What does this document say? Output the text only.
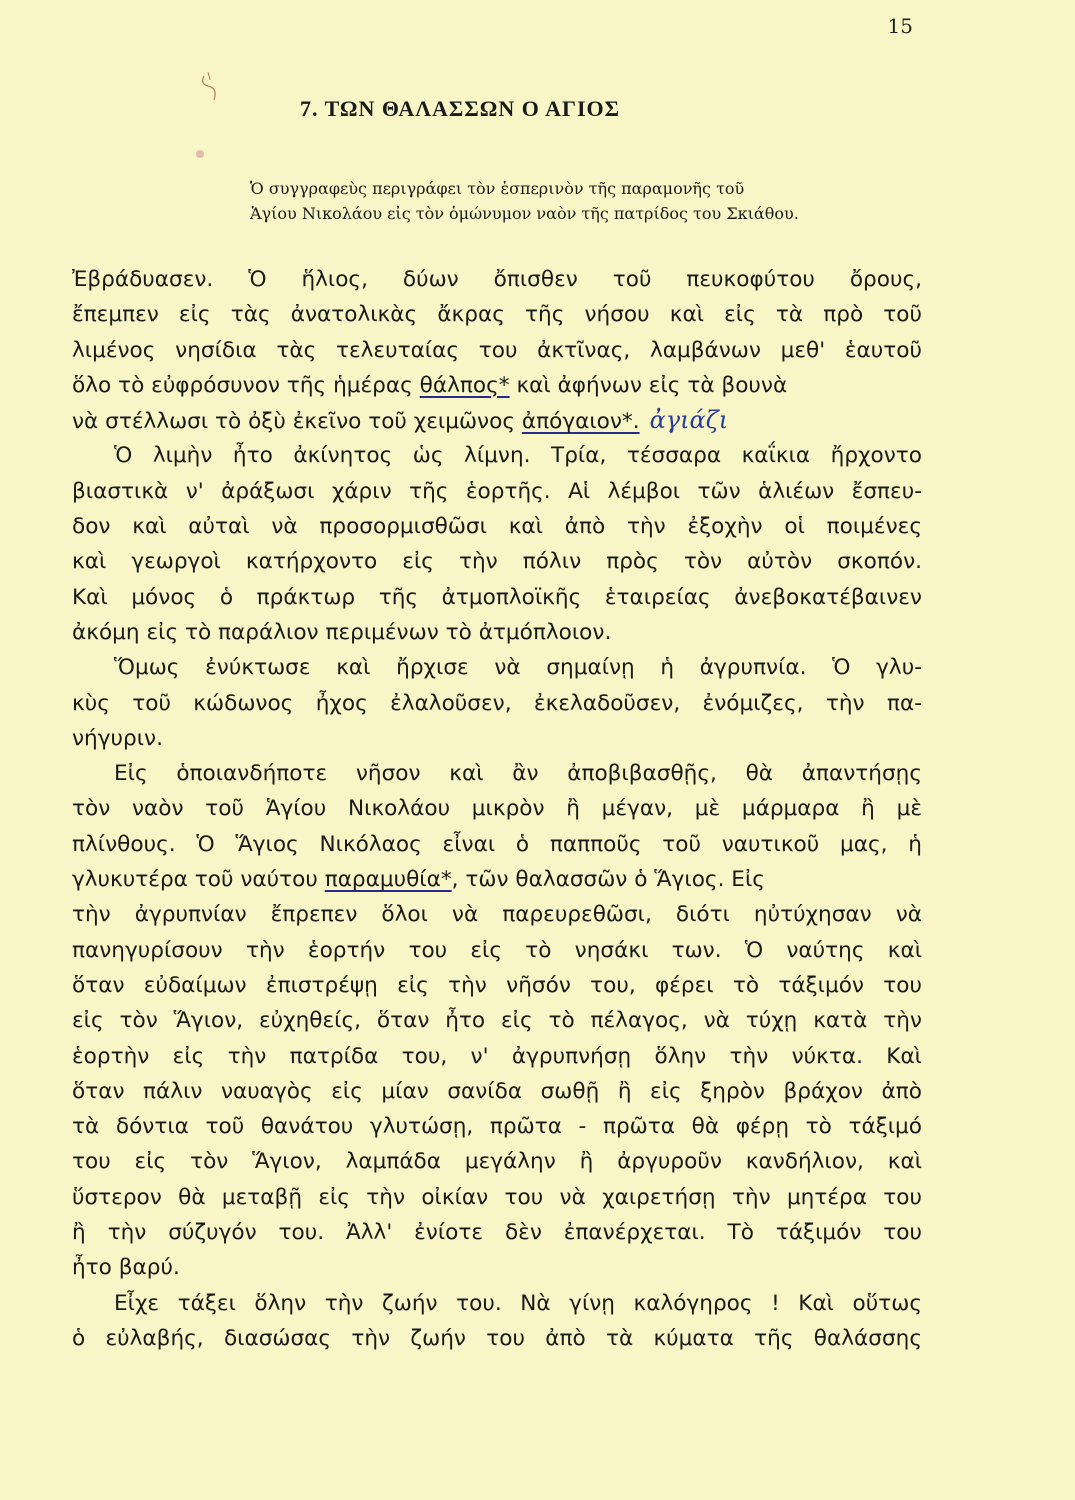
15
7. ΤΩΝ ΘΑΛΑΣΣΩΝ Ο ΑΓΙΟΣ
Ὁ συγγραφεὺς περιγράφει τὸν ἑσπερινὸν τῆς παραμονῆς τοῦ
Ἁγίου Νικολάου εἰς τὸν ὁμώνυμον ναὸν τῆς πατρίδος του Σκιάθου.
Ἐβράδυασεν. Ὁ ἥλιος, δύων ὄπισθεν τοῦ πευκοφύτου ὄρους,
ἔπεμπεν εἰς τὰς ἀνατολικὰς ἄκρας τῆς νήσου καὶ εἰς τὰ πρὸ τοῦ
λιμένος νησίδια τὰς τελευταίας του ἀκτῖνας, λαμβάνων μεθ' ἑαυτοῦ
ὅλο τὸ εὐφρόσυνον τῆς ἡμέρας θάλπος* καὶ ἀφήνων εἰς τὰ βουνὰ
νὰ στέλλωσι τὸ ὀξὺ ἐκεῖνο τοῦ χειμῶνος ἀπόγαιον*. ἀγιάζι
Ὁ λιμὴν ἦτο ἀκίνητος ὡς λίμνη. Τρία, τέσσαρα καΐκια ἤρχοντο
βιαστικὰ ν' ἀράξωσι χάριν τῆς ἑορτῆς. Αἱ λέμβοι τῶν ἁλιέων ἔσπευ-
δον καὶ αὐταὶ νὰ προσορμισθῶσι καὶ ἀπὸ τὴν ἐξοχὴν οἱ ποιμένες
καὶ γεωργοὶ κατήρχοντο εἰς τὴν πόλιν πρὸς τὸν αὐτὸν σκοπόν.
Καὶ μόνος ὁ πράκτωρ τῆς ἀτμοπλοϊκῆς ἑταιρείας ἀνεβοκατέβαινεν
ἀκόμη εἰς τὸ παράλιον περιμένων τὸ ἀτμόπλοιον.
Ὅμως ἐνύκτωσε καὶ ἤρχισε νὰ σημαίνῃ ἡ ἀγρυπνία. Ὁ γλυ-
κὺς τοῦ κώδωνος ἦχος ἐλαλοῦσεν, ἐκελαδοῦσεν, ἐνόμιζες, τὴν πα-
νήγυριν.
Εἰς ὁποιανδήποτε νῆσον καὶ ἂν ἀποβιβασθῇς, θὰ ἀπαντήσῃς
τὸν ναὸν τοῦ Ἁγίου Νικολάου μικρὸν ἢ μέγαν, μὲ μάρμαρα ἢ μὲ
πλίνθους. Ὁ Ἅγιος Νικόλαος εἶναι ὁ παπποῦς τοῦ ναυτικοῦ μας, ἡ
γλυκυτέρα τοῦ ναύτου παραμυθία*, τῶν θαλασσῶν ὁ Ἅγιος. Εἰς
τὴν ἀγρυπνίαν ἔπρεπεν ὅλοι νὰ παρευρεθῶσι, διότι ηὐτύχησαν νὰ
πανηγυρίσουν τὴν ἑορτήν του εἰς τὸ νησάκι των. Ὁ ναύτης καὶ
ὅταν εὐδαίμων ἐπιστρέψῃ εἰς τὴν νῆσόν του, φέρει τὸ τάξιμόν του
εἰς τὸν Ἅγιον, εὐχηθείς, ὅταν ἦτο εἰς τὸ πέλαγος, νὰ τύχῃ κατὰ τὴν
ἑορτὴν εἰς τὴν πατρίδα του, ν' ἀγρυπνήσῃ ὅλην τὴν νύκτα. Καὶ
ὅταν πάλιν ναυαγὸς εἰς μίαν σανίδα σωθῇ ἢ εἰς ξηρὸν βράχον ἀπὸ
τὰ δόντια τοῦ θανάτου γλυτώσῃ, πρῶτα - πρῶτα θὰ φέρῃ τὸ τάξιμό
του εἰς τὸν Ἅγιον, λαμπάδα μεγάλην ἢ ἀργυροῦν κανδήλιον, καὶ
ὕστερον θὰ μεταβῇ εἰς τὴν οἰκίαν του νὰ χαιρετήσῃ τὴν μητέρα του
ἢ τὴν σύζυγόν του. Ἀλλ' ἐνίοτε δὲν ἐπανέρχεται. Τὸ τάξιμόν του
ἦτο βαρύ.
Εἶχε τάξει ὅλην τὴν ζωήν του. Νὰ γίνῃ καλόγηρος ! Καὶ οὕτως
ὁ εὐλαβής, διασώσας τὴν ζωήν του ἀπὸ τὰ κύματα τῆς θαλάσσης
